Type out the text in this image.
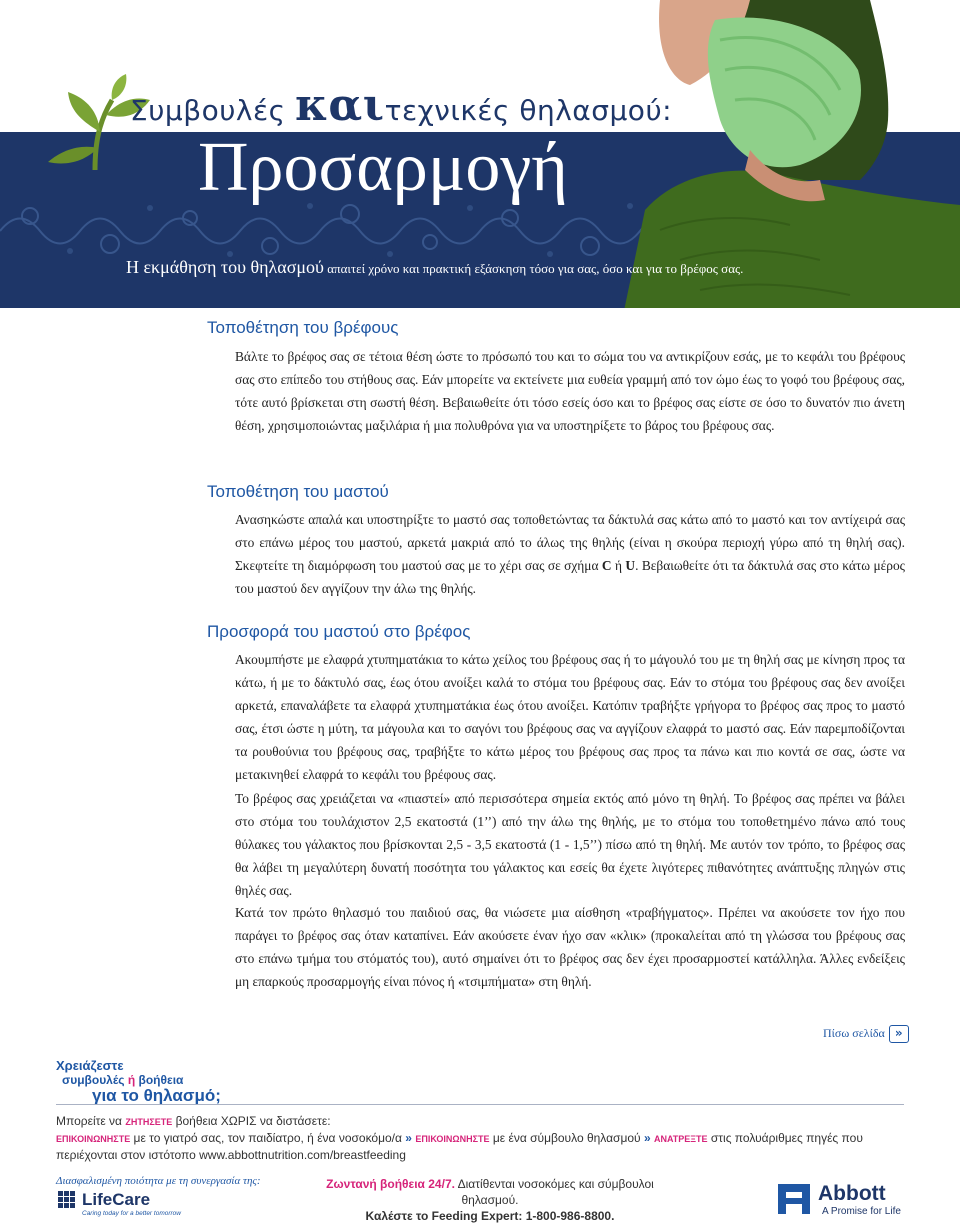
Συμβουλές καιτεχνικές θηλασμού:
Προσαρμογή
Η εκμάθηση του θηλασμού απαιτεί χρόνο και πρακτική εξάσκηση τόσο για σας, όσο και για το βρέφος σας.
Τοποθέτηση του βρέφους
Βάλτε το βρέφος σας σε τέτοια θέση ώστε το πρόσωπό του και το σώμα του να αντικρίζουν εσάς, με το κεφάλι του βρέφους σας στο επίπεδο του στήθους σας. Εάν μπορείτε να εκτείνετε μια ευθεία γραμμή από τον ώμο έως το γοφό του βρέφους σας, τότε αυτό βρίσκεται στη σωστή θέση. Βεβαιωθείτε ότι τόσο εσείς όσο και το βρέφος σας είστε σε όσο το δυνατόν πιο άνετη θέση, χρησιμοποιώντας μαξιλάρια ή μια πολυθρόνα για να υποστηρίξετε το βάρος του βρέφους σας.
Τοποθέτηση του μαστού
Ανασηκώστε απαλά και υποστηρίξτε το μαστό σας τοποθετώντας τα δάκτυλά σας κάτω από το μαστό και τον αντίχειρά σας στο επάνω μέρος του μαστού, αρκετά μακριά από το άλως της θηλής (είναι η σκούρα περιοχή γύρω από τη θηλή σας). Σκεφτείτε τη διαμόρφωση του μαστού σας με το χέρι σας σε σχήμα C ή U. Βεβαιωθείτε ότι τα δάκτυλά σας στο κάτω μέρος του μαστού δεν αγγίζουν την άλω της θηλής.
Προσφορά του μαστού στο βρέφος
Ακουμπήστε με ελαφρά χτυπηματάκια το κάτω χείλος του βρέφους σας ή το μάγουλό του με τη θηλή σας με κίνηση προς τα κάτω, ή με το δάκτυλό σας, έως ότου ανοίξει καλά το στόμα του βρέφους σας. Εάν το στόμα του βρέφους σας δεν ανοίξει αρκετά, επαναλάβετε τα ελαφρά χτυπηματάκια έως ότου ανοίξει. Κατόπιν τραβήξτε γρήγορα το βρέφος σας προς το μαστό σας, έτσι ώστε η μύτη, τα μάγουλα και το σαγόνι του βρέφους σας να αγγίζουν ελαφρά το μαστό σας. Εάν παρεμποδίζονται τα ρουθούνια του βρέφους σας, τραβήξτε το κάτω μέρος του βρέφους σας προς τα πάνω και πιο κοντά σε σας, ώστε να μετακινηθεί ελαφρά το κεφάλι του βρέφους σας.
Το βρέφος σας χρειάζεται να «πιαστεί» από περισσότερα σημεία εκτός από μόνο τη θηλή. Το βρέφος σας πρέπει να βάλει στο στόμα του τουλάχιστον 2,5 εκατοστά (1’’) από την άλω της θηλής, με το στόμα του τοποθετημένο πάνω από τους θύλακες του γάλακτος που βρίσκονται 2,5 - 3,5 εκατοστά (1 - 1,5’’) πίσω από τη θηλή. Με αυτόν τον τρόπο, το βρέφος σας θα λάβει τη μεγαλύτερη δυνατή ποσότητα του γάλακτος και εσείς θα έχετε λιγότερες πιθανότητες ανάπτυξης πληγών στις θηλές σας.
Κατά τον πρώτο θηλασμό του παιδιού σας, θα νιώσετε μια αίσθηση «τραβήγματος». Πρέπει να ακούσετε τον ήχο που παράγει το βρέφος σας όταν καταπίνει. Εάν ακούσετε έναν ήχο σαν «κλικ» (προκαλείται από τη γλώσσα του βρέφους σας στο επάνω τμήμα του στόματός του), αυτό σημαίνει ότι το βρέφος σας δεν έχει προσαρμοστεί κατάλληλα. Άλλες ενδείξεις μη επαρκούς προσαρμογής είναι πόνος ή «τσιμπήματα» στη θηλή.
Πίσω σελίδα »
Χρειάζεστε
συμβουλές ή βοήθεια
για το θηλασμό;
Μπορείτε να ΖΗΤΗΣΕΤΕ βοήθεια ΧΩΡΙΣ να διστάσετε:
ΕΠΙΚΟΙΝΩΝΗΣΤΕ με το γιατρό σας, τον παιδίατρο, ή ένα νοσοκόμο/α » ΕΠΙΚΟΙΝΩΝΗΣΤΕ με ένα σύμβουλο θηλασμού » ΑΝΑΤΡΕΞΤΕ στις πολυάριθμες πηγές που περιέχονται στον ιστότοπο www.abbottnutrition.com/breastfeeding
Διασφαλισμένη ποιότητα με τη συνεργασία της:
LifeCare
Caring today for a better tomorrow
Ζωντανή βοήθεια 24/7. Διατίθενται νοσοκόμες και σύμβουλοι θηλασμού.
Καλέστε το Feeding Expert: 1-800-986-8800.
Abbott
A Promise for Life
